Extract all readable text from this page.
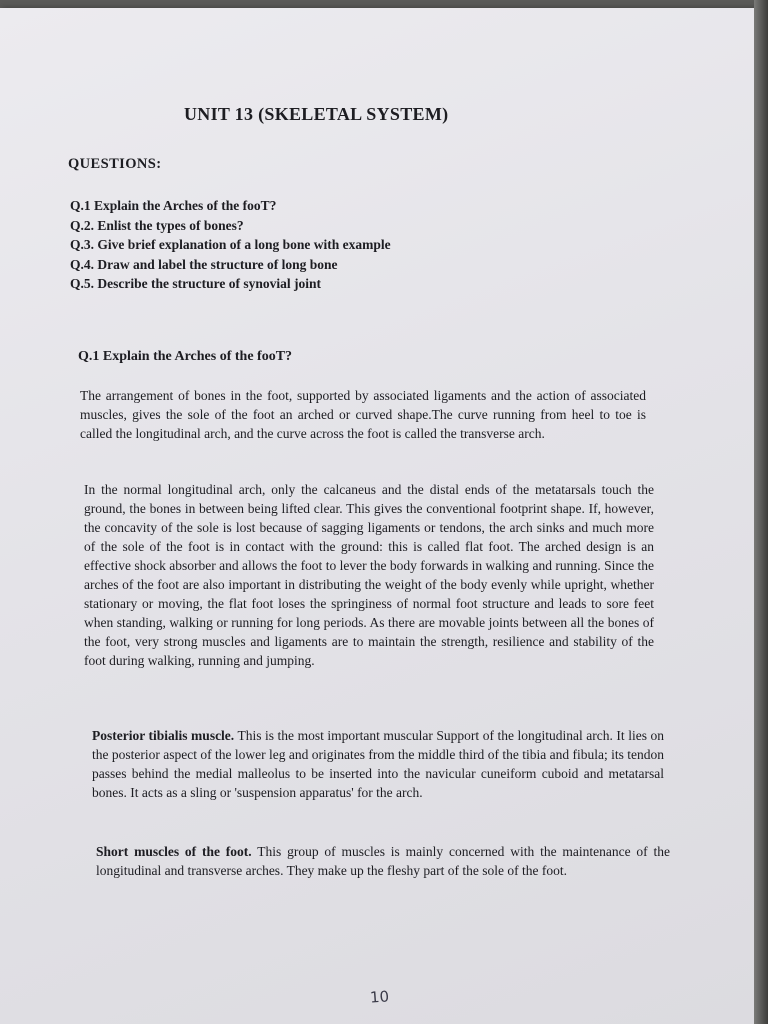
UNIT 13 (SKELETAL SYSTEM)
QUESTIONS:
Q.1 Explain the Arches of the fooT?
Q.2. Enlist the types of bones?
Q.3. Give brief explanation of a long bone with example
Q.4. Draw and label the structure of long bone
Q.5. Describe the structure of synovial joint
Q.1 Explain the Arches of the fooT?

The arrangement of bones in the foot, supported by associated ligaments and the action of associated muscles, gives the sole of the foot an arched or curved shape.The curve running from heel to toe is called the longitudinal arch, and the curve across the foot is called the transverse arch.

In the normal longitudinal arch, only the calcaneus and the distal ends of the metatarsals touch the ground, the bones in between being lifted clear. This gives the conventional footprint shape. If, however, the concavity of the sole is lost because of sagging ligaments or tendons, the arch sinks and much more of the sole of the foot is in contact with the ground: this is called flat foot. The arched design is an effective shock absorber and allows the foot to lever the body forwards in walking and running. Since the arches of the foot are also important in distributing the weight of the body evenly while upright, whether stationary or moving, the flat foot loses the springiness of normal foot structure and leads to sore feet when standing, walking or running for long periods. As there are movable joints between all the bones of the foot, very strong muscles and ligaments are to maintain the strength, resilience and stability of the foot during walking, running and jumping.

Posterior tibialis muscle. This is the most important muscular Support of the longitudinal arch. It lies on the posterior aspect of the lower leg and originates from the middle third of the tibia and fibula; its tendon passes behind the medial malleolus to be inserted into the navicular cuneiform cuboid and metatarsal bones. It acts as a sling or 'suspension apparatus' for the arch.

Short muscles of the foot. This group of muscles is mainly concerned with the maintenance of the longitudinal and transverse arches. They make up the fleshy part of the sole of the foot.

10
